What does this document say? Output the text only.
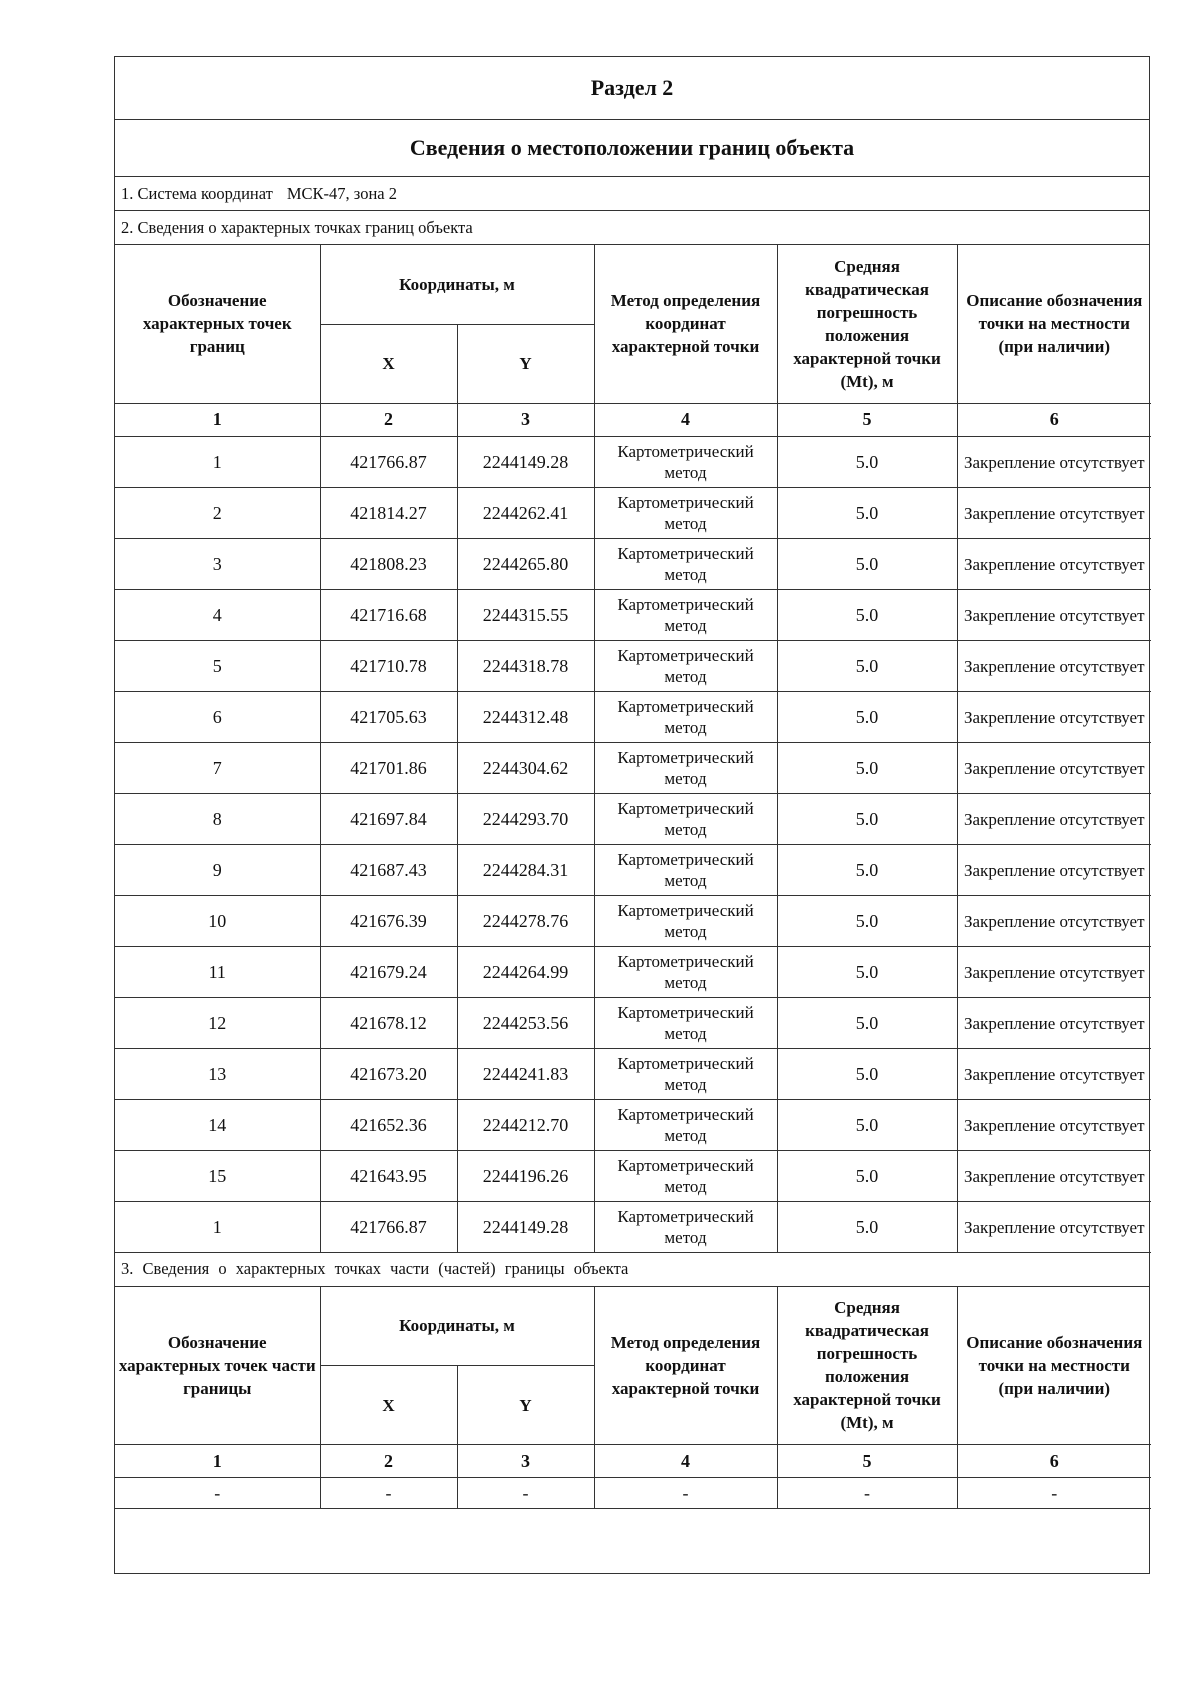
Раздел 2
Сведения о местоположении границ объекта
1. Система координат МСК-47, зона 2
2. Сведения о характерных точках границ объекта
Обозначение характерных точек границ	Координаты, м		Метод определения координат характерной точки	Средняя квадратическая погрешность положения характерной точки (Mt), м	Описание обозначения точки на местности (при наличии)
	X	Y			
1	2	3	4	5	6
1	421766.87	2244149.28	Картометрический метод	5.0	Закрепление отсутствует
2	421814.27	2244262.41	Картометрический метод	5.0	Закрепление отсутствует
3	421808.23	2244265.80	Картометрический метод	5.0	Закрепление отсутствует
4	421716.68	2244315.55	Картометрический метод	5.0	Закрепление отсутствует
5	421710.78	2244318.78	Картометрический метод	5.0	Закрепление отсутствует
6	421705.63	2244312.48	Картометрический метод	5.0	Закрепление отсутствует
7	421701.86	2244304.62	Картометрический метод	5.0	Закрепление отсутствует
8	421697.84	2244293.70	Картометрический метод	5.0	Закрепление отсутствует
9	421687.43	2244284.31	Картометрический метод	5.0	Закрепление отсутствует
10	421676.39	2244278.76	Картометрический метод	5.0	Закрепление отсутствует
11	421679.24	2244264.99	Картометрический метод	5.0	Закрепление отсутствует
12	421678.12	2244253.56	Картометрический метод	5.0	Закрепление отсутствует
13	421673.20	2244241.83	Картометрический метод	5.0	Закрепление отсутствует
14	421652.36	2244212.70	Картометрический метод	5.0	Закрепление отсутствует
15	421643.95	2244196.26	Картометрический метод	5.0	Закрепление отсутствует
1	421766.87	2244149.28	Картометрический метод	5.0	Закрепление отсутствует
3. Сведения о характерных точках части (частей) границы объекта
Обозначение характерных точек части границы	Координаты, м		Метод определения координат характерной точки	Средняя квадратическая погрешность положения характерной точки (Mt), м	Описание обозначения точки на местности (при наличии)
	X	Y			
1	2	3	4	5	6
-	-	-	-	-	-
